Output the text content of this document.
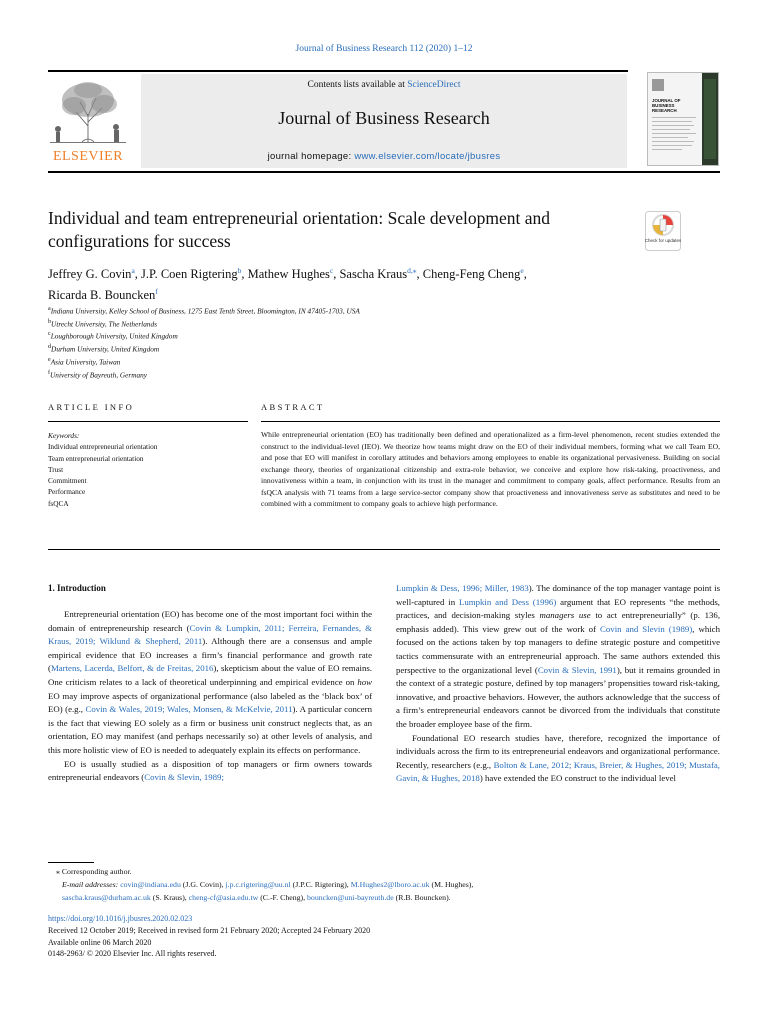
Journal of Business Research 112 (2020) 1–12
ELSEVIER
Contents lists available at ScienceDirect
Journal of Business Research
journal homepage: www.elsevier.com/locate/jbusres
JOURNAL OF
BUSINESS
RESEARCH
Individual and team entrepreneurial orientation: Scale development and configurations for success	Check for updates
Jeffrey G. Covin$^a$, J.P. Coen Rigtering$^b$, Mathew Hughes$^c$, Sascha Kraus$^{d,⁎}$, Cheng-Feng Cheng$^e$,
Ricarda B. Bouncken$^f$
$^a$Indiana University, Kelley School of Business, 1275 East Tenth Street, Bloomington, IN 47405-1703, USA
$^b$Utrecht University, The Netherlands
$^c$Loughborough University, United Kingdom
$^d$Durham University, United Kingdom
$^e$Asia University, Taiwan
$^f$University of Bayreuth, Germany
ARTICLE INFO	ABSTRACT
Keywords:
Individual entrepreneurial orientation
Team entrepreneurial orientation
Trust
Commitment
Performance
fsQCA
While entrepreneurial orientation (EO) has traditionally been defined and operationalized as a firm-level phenomenon, recent studies extended the construct to the individual-level (IEO). We theorize how teams might draw on the EO of their individual members, forming what we call Team EO, and pose that EO will manifest in corollary attitudes and behaviors among employees to enable its organizational pervasiveness. Building on social exchange theory, theories of organizational citizenship and extra-role behavior, we conceive and explore how risk-taking, proactiveness, and innovativeness within a team, in conjunction with its trust in the manager and commitment to company goals, affect performance. Results from an fsQCA analysis with 71 teams from a large service-sector company show that proactiveness and innovativeness serve as substitutes and need to be combined with a commitment to company goals to achieve high performance.
1. Introduction

Entrepreneurial orientation (EO) has become one of the most important foci within the domain of entrepreneurship research (Covin & Lumpkin, 2011; Ferreira, Fernandes, & Kraus, 2019; Wiklund & Shepherd, 2011). Although there are a consensus and ample empirical evidence that EO increases a firm’s financial performance and growth rate (Martens, Lacerda, Belfort, & de Freitas, 2016), skepticism about the value of EO remains. One criticism relates to a lack of theoretical underpinning and empirical evidence on how EO may improve aspects of organizational performance (also labeled as the ‘black box’ of EO) (e.g., Covin & Wales, 2019; Wales, Monsen, & McKelvie, 2011). A particular concern is the fact that viewing EO solely as a firm or business unit construct neglects that, as an orientation, EO may manifest (and perhaps necessarily so) at other levels of analysis, and this more holistic view of EO is needed to adequately explain its effects on performance.

EO is usually studied as a disposition of top managers or firm owners towards entrepreneurial endeavors (Covin & Slevin, 1989;

Lumpkin & Dess, 1996; Miller, 1983). The dominance of the top manager vantage point is well-captured in Lumpkin and Dess (1996) argument that EO represents “the methods, practices, and decision-making styles managers use to act entrepreneurially” (p. 136, emphasis added). This view grew out of the work of Covin and Slevin (1989), which focused on the actions taken by top managers to define strategic posture and competitive tactics commensurate with an entrepreneurial approach. The same authors extended this perspective to the organizational level (Covin & Slevin, 1991), but it remains grounded in the context of a strategic posture, defined by top managers’ propensities toward risk-taking, innovative, and proactive behaviors. However, the authors acknowledge that the success of a firm’s entrepreneurial endeavors cannot be divorced from the individuals that constitute the broader employee base of the firm.

Foundational EO research studies have, therefore, recognized the importance of individuals across the firm to its entrepreneurial endeavors and organizational performance. Recently, researchers (e.g., Bolton & Lane, 2012; Kraus, Breier, & Hughes, 2019; Mustafa, Gavin, & Hughes, 2018) have extended the EO construct to the individual level

⁎ Corresponding author.
E-mail addresses: covin@indiana.edu (J.G. Covin), j.p.c.rigtering@uu.nl (J.P.C. Rigtering), M.Hughes2@lboro.ac.uk (M. Hughes),
sascha.kraus@durham.ac.uk (S. Kraus), cheng-cf@asia.edu.tw (C.-F. Cheng), bouncken@uni-bayreuth.de (R.B. Bouncken).
https://doi.org/10.1016/j.jbusres.2020.02.023
Received 12 October 2019; Received in revised form 21 February 2020; Accepted 24 February 2020
Available online 06 March 2020
0148-2963/ © 2020 Elsevier Inc. All rights reserved.
